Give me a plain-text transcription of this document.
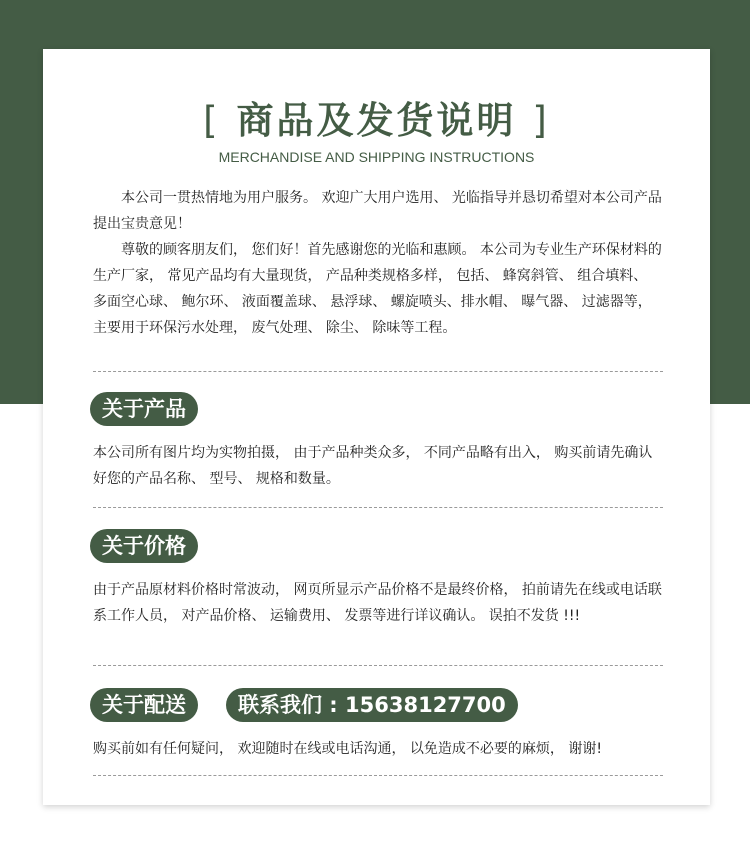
[ 商品及发货说明 ]
MERCHANDISE AND SHIPPING INSTRUCTIONS
本公司一贯热情地为用户服务。 欢迎广大用户选用、 光临指导并恳切希望对本公司产品提出宝贵意见！
尊敬的顾客朋友们， 您们好！首先感谢您的光临和惠顾。 本公司为专业生产环保材料的生产厂家， 常见产品均有大量现货， 产品种类规格多样， 包括、 蜂窝斜管、 组合填料、 多面空心球、 鲍尔环、 液面覆盖球、 悬浮球、 螺旋喷头、排水帽、 曝气器、 过滤器等， 主要用于环保污水处理， 废气处理、 除尘、 除味等工程。
关于产品
本公司所有图片均为实物拍摄， 由于产品种类众多， 不同产品略有出入， 购买前请先确认好您的产品名称、 型号、 规格和数量。
关于价格
由于产品原材料价格时常波动， 网页所显示产品价格不是最终价格， 拍前请先在线或电话联系工作人员， 对产品价格、 运输费用、 发票等进行详议确认。 误拍不发货 !!!
关于配送	联系我们 : 15638127700
购买前如有任何疑问， 欢迎随时在线或电话沟通， 以免造成不必要的麻烦， 谢谢!
